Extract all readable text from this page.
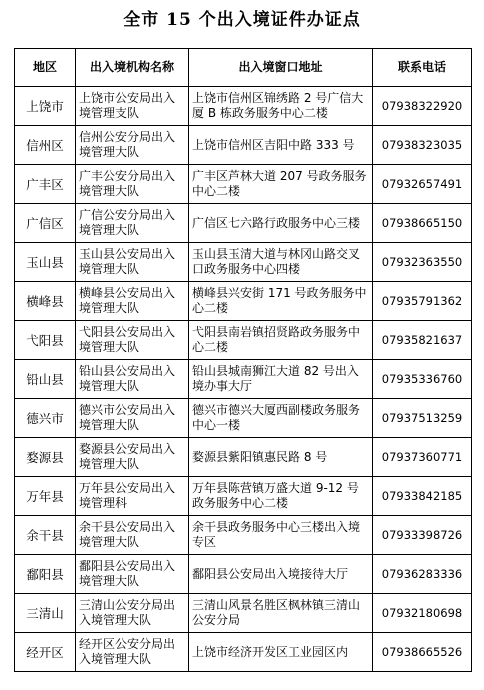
全市 15 个出入境证件办证点
地区	出入境机构名称	出入境窗口地址	联系电话
上饶市	上饶市公安局出入境管理支队	上饶市信州区锦绣路 2 号广信大厦 B 栋政务服务中心二楼	07938322920
信州区	信州公安分局出入境管理大队	上饶市信州区吉阳中路 333 号	07938323035
广丰区	广丰公安分局出入境管理大队	广丰区芦林大道 207 号政务服务中心二楼	07932657491
广信区	广信公安分局出入境管理大队	广信区七六路行政服务中心三楼	07938665150
玉山县	玉山县公安局出入境管理大队	玉山县玉清大道与林冈山路交叉口政务服务中心四楼	07932363550
横峰县	横峰县公安局出入境管理大队	横峰县兴安街 171 号政务服务中心二楼	07935791362
弋阳县	弋阳县公安局出入境管理大队	弋阳县南岩镇招贤路政务服务中心二楼	07935821637
铅山县	铅山县公安局出入境管理大队	铅山县城南狮江大道 82 号出入境办事大厅	07935336760
德兴市	德兴市公安局出入境管理大队	德兴市德兴大厦西副楼政务服务中心一楼	07937513259
婺源县	婺源县公安局出入境管理大队	婺源县紫阳镇惠民路 8 号	07937360771
万年县	万年县公安局出入境管理科	万年县陈营镇万盛大道 9-12 号政务服务中心二楼	07933842185
余干县	余干县公安局出入境管理大队	余干县政务服务中心三楼出入境专区	07933398726
鄱阳县	鄱阳县公安局出入境管理大队	鄱阳县公安局出入境接待大厅	07936283336
三清山	三清山公安分局出入境管理大队	三清山风景名胜区枫林镇三清山公安分局	07932180698
经开区	经开区公安分局出入境管理大队	上饶市经济开发区工业园区内	07938665526
